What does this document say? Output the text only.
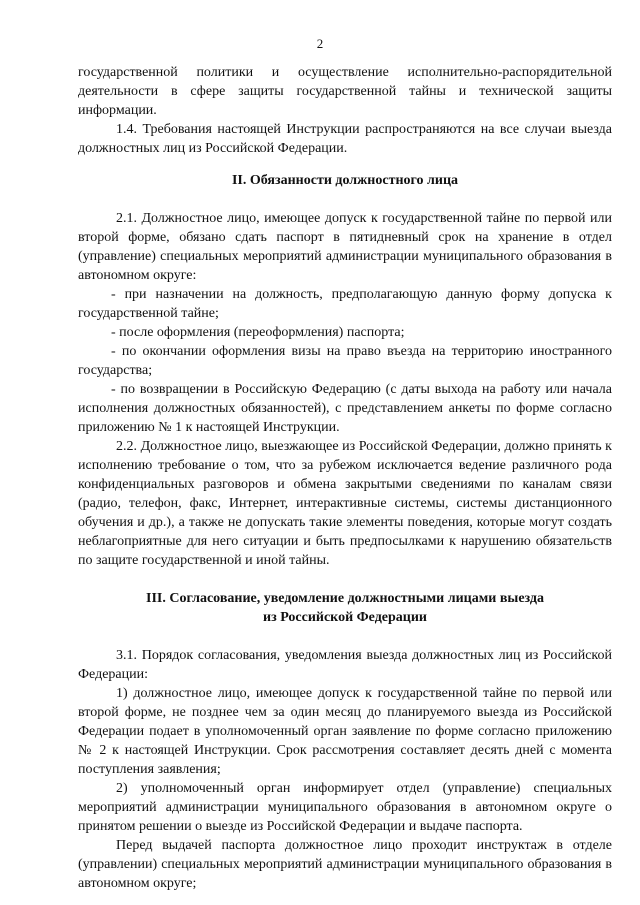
2

государственной политики и осуществление исполнительно-распорядительной деятельности в сфере защиты государственной тайны и технической защиты информации.

1.4. Требования настоящей Инструкции распространяются на все случаи выезда должностных лиц из Российской Федерации.

II. Обязанности должностного лица

2.1. Должностное лицо, имеющее допуск к государственной тайне по первой или второй форме, обязано сдать паспорт в пятидневный срок на хранение в отдел (управление) специальных мероприятий администрации муниципального образования в автономном округе:

- при назначении на должность, предполагающую данную форму допуска к государственной тайне;

- после оформления (переоформления) паспорта;

- по окончании оформления визы на право въезда на территорию иностранного государства;

- по возвращении в Российскую Федерацию (с даты выхода на работу или начала исполнения должностных обязанностей), с представлением анкеты по форме согласно приложению № 1 к настоящей Инструкции.

2.2. Должностное лицо, выезжающее из Российской Федерации, должно принять к исполнению требование о том, что за рубежом исключается ведение различного рода конфиденциальных разговоров и обмена закрытыми сведениями по каналам связи (радио, телефон, факс, Интернет, интерактивные системы, системы дистанционного обучения и др.), а также не допускать такие элементы поведения, которые могут создать неблагоприятные для него ситуации и быть предпосылками к нарушению обязательств по защите государственной и иной тайны.

III. Согласование, уведомление должностными лицами выезда

из Российской Федерации

3.1. Порядок согласования, уведомления выезда должностных лиц из Российской Федерации:

1) должностное лицо, имеющее допуск к государственной тайне по первой или второй форме, не позднее чем за один месяц до планируемого выезда из Российской Федерации подает в уполномоченный орган заявление по форме согласно приложению № 2 к настоящей Инструкции. Срок рассмотрения составляет десять дней с момента поступления заявления;

2) уполномоченный орган информирует отдел (управление) специальных мероприятий администрации муниципального образования в автономном округе о принятом решении о выезде из Российской Федерации и выдаче паспорта.

Перед выдачей паспорта должностное лицо проходит инструктаж в отделе (управлении) специальных мероприятий администрации муниципального образования в автономном округе;
